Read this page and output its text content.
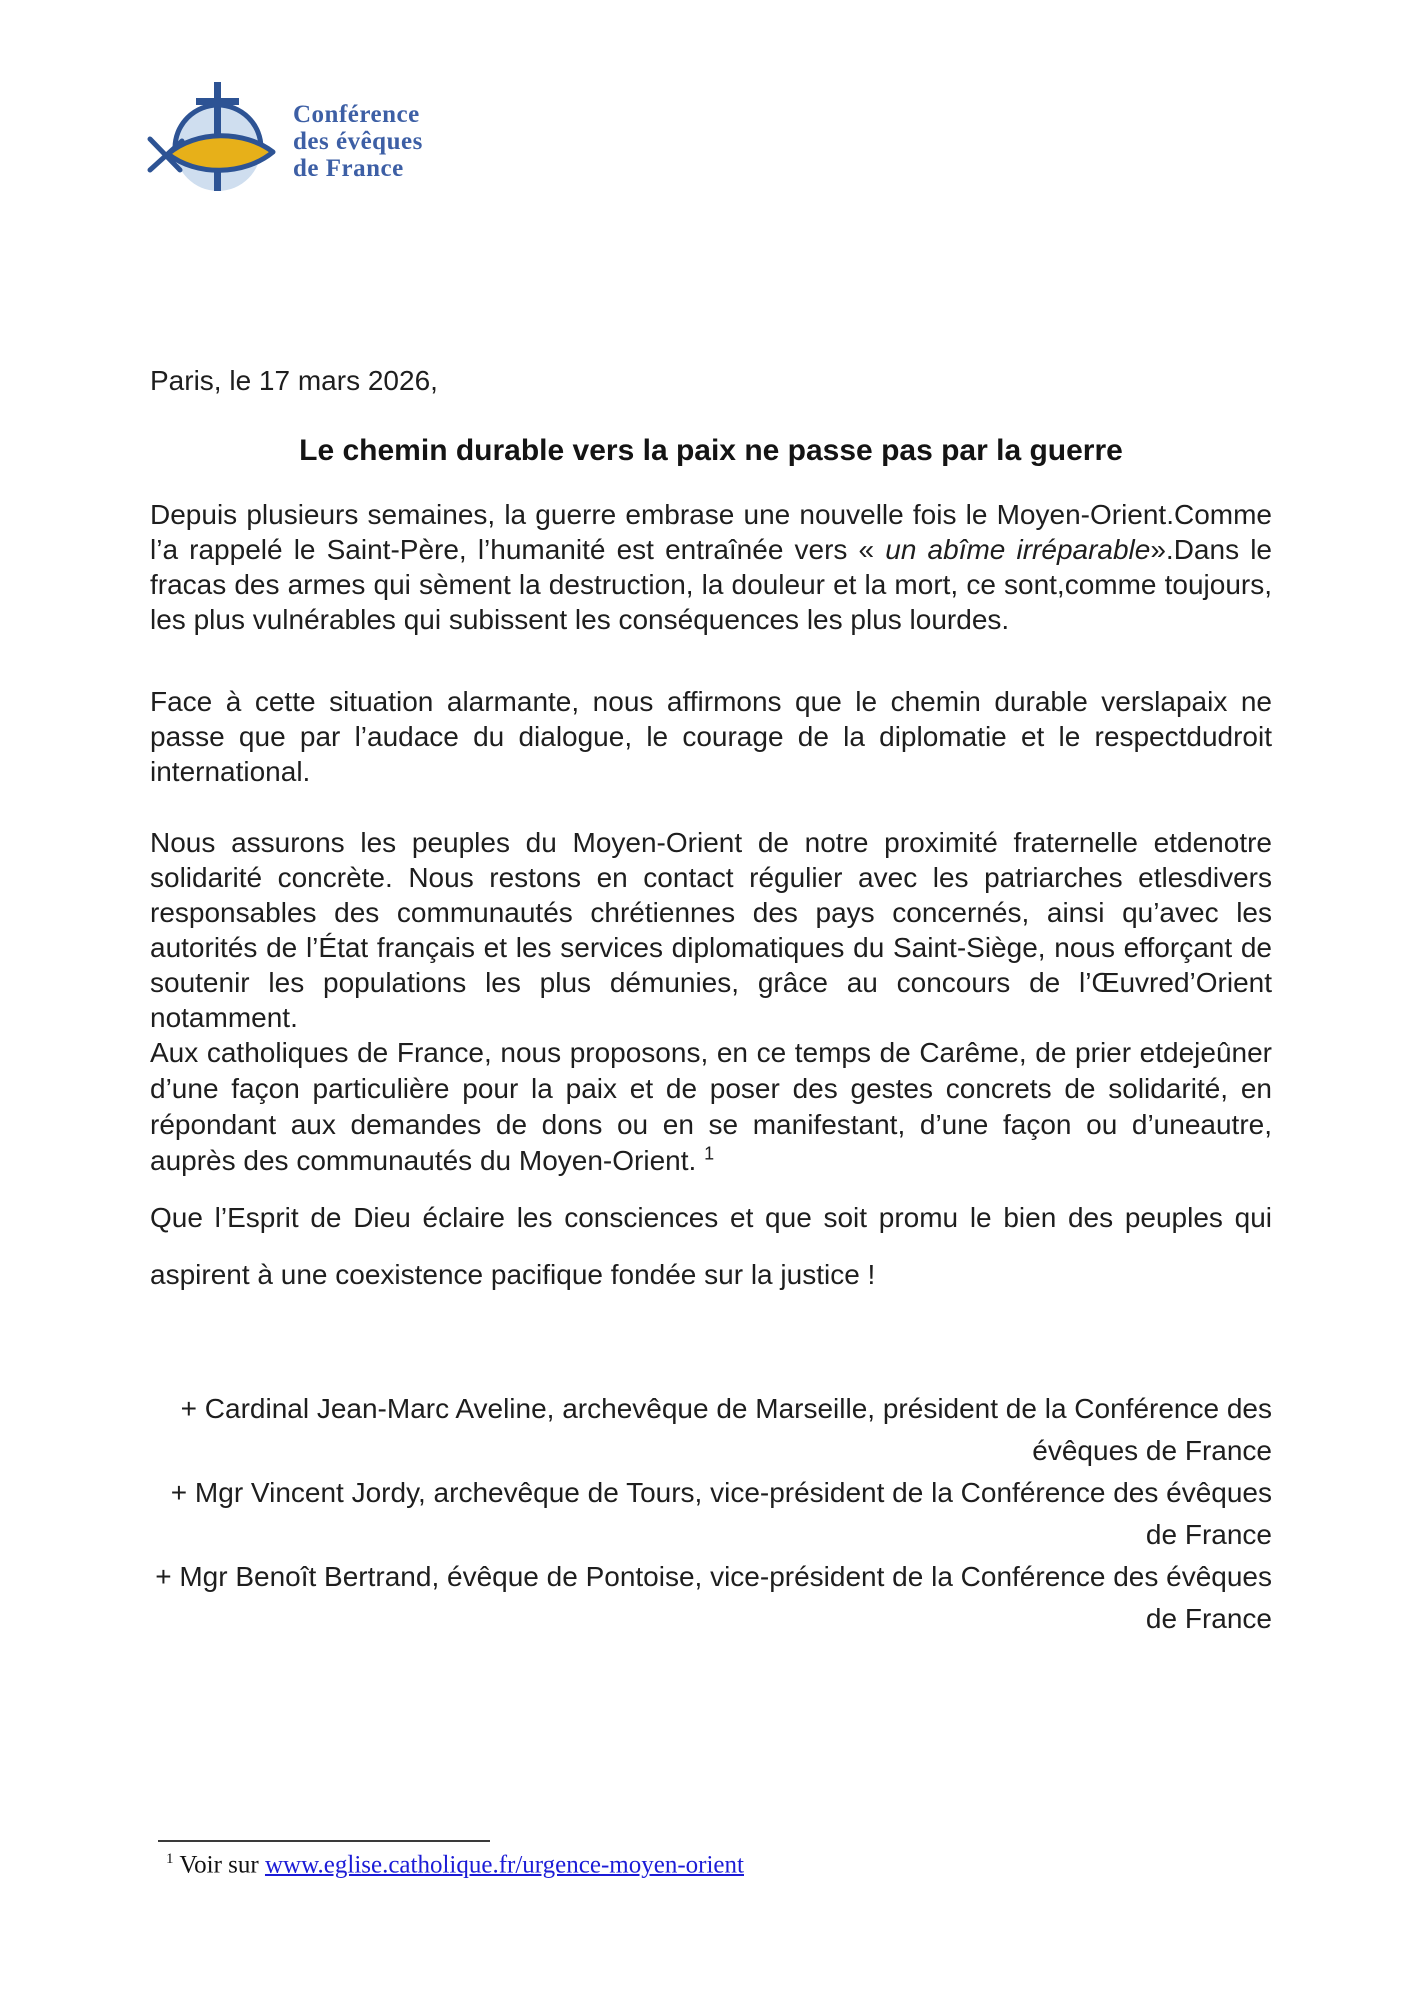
Conférence
des évêques
de France

Paris, le 17 mars 2026,

Le chemin durable vers la paix ne passe pas par la guerre

Depuis plusieurs semaines, la guerre embrase une nouvelle fois le Moyen-Orient.Comme l’a rappelé le Saint-Père, l’humanité est entraînée vers « un abîme irréparable».Dans le fracas des armes qui sèment la destruction, la douleur et la mort, ce sont,comme toujours, les plus vulnérables qui subissent les conséquences les plus lourdes.

Face à cette situation alarmante, nous affirmons que le chemin durable verslapaix ne passe que par l’audace du dialogue, le courage de la diplomatie et le respectdudroit international.

Nous assurons les peuples du Moyen-Orient de notre proximité fraternelle etdenotre solidarité concrète. Nous restons en contact régulier avec les patriarches etlesdivers responsables des communautés chrétiennes des pays concernés, ainsi qu’avec les autorités de l’État français et les services diplomatiques du Saint-Siège, nous efforçant de soutenir les populations les plus démunies, grâce au concours de l’Œuvred’Orient notamment.

Aux catholiques de France, nous proposons, en ce temps de Carême, de prier etdejeûner d’une façon particulière pour la paix et de poser des gestes concrets de solidarité, en répondant aux demandes de dons ou en se manifestant, d’une façon ou d’uneautre, auprès des communautés du Moyen-Orient. $^1$

Que l’Esprit de Dieu éclaire les consciences et que soit promu le bien des peuples qui aspirent à une coexistence pacifique fondée sur la justice !

+ Cardinal Jean-Marc Aveline, archevêque de Marseille, président de la Conférence des évêques de France

+ Mgr Vincent Jordy, archevêque de Tours, vice-président de la Conférence des évêques de France

+ Mgr Benoît Bertrand, évêque de Pontoise, vice-président de la Conférence des évêques de France

$^1$ Voir sur www.eglise.catholique.fr/urgence-moyen-orient
